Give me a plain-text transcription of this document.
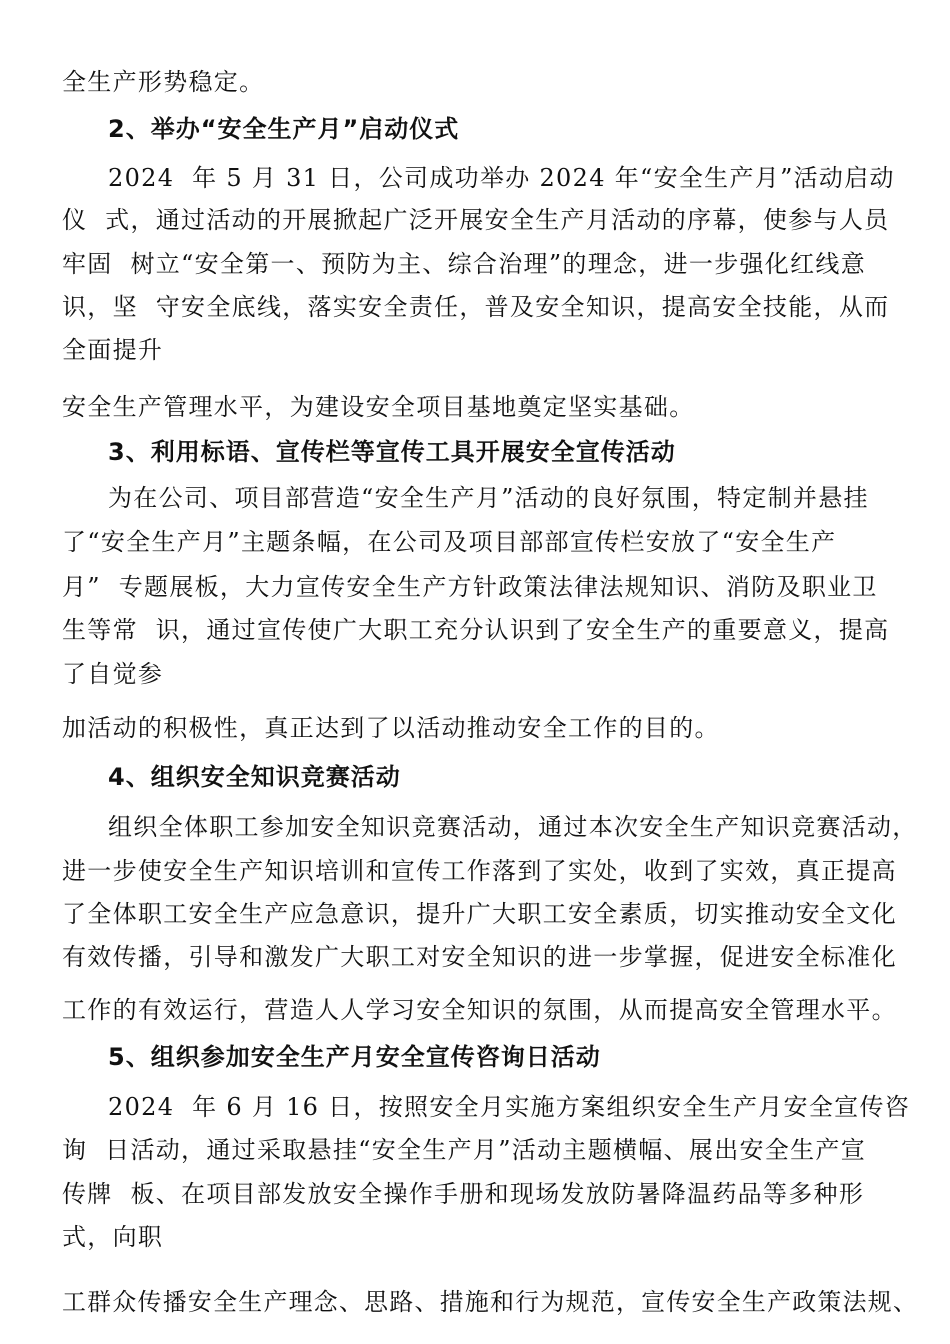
全生产形势稳定。
2、举办“安全生产月”启动仪式
2024  年 5 月 31 日，公司成功举办 2024 年“安全生产月”活动启动
仪  式，通过活动的开展掀起广泛开展安全生产月活动的序幕，使参与人员
牢固  树立“安全第一、预防为主、综合治理”的理念，进一步强化红线意
识，坚  守安全底线，落实安全责任，普及安全知识，提高安全技能，从而
全面提升
安全生产管理水平，为建设安全项目基地奠定坚实基础。
3、利用标语、宣传栏等宣传工具开展安全宣传活动
为在公司、项目部营造“安全生产月”活动的良好氛围，特定制并悬挂
了“安全生产月”主题条幅，在公司及项目部部宣传栏安放了“安全生产
月”  专题展板，大力宣传安全生产方针政策法律法规知识、消防及职业卫
生等常  识，通过宣传使广大职工充分认识到了安全生产的重要意义，提高
了自觉参
加活动的积极性，真正达到了以活动推动安全工作的目的。
4、组织安全知识竞赛活动
组织全体职工参加安全知识竞赛活动，通过本次安全生产知识竞赛活动，
进一步使安全生产知识培训和宣传工作落到了实处，收到了实效，真正提高
了全体职工安全生产应急意识，提升广大职工安全素质，切实推动安全文化
有效传播，引导和激发广大职工对安全知识的进一步掌握，促进安全标准化
工作的有效运行，营造人人学习安全知识的氛围，从而提高安全管理水平。
5、组织参加安全生产月安全宣传咨询日活动
2024  年 6 月 16 日，按照安全月实施方案组织安全生产月安全宣传咨
询  日活动，通过采取悬挂“安全生产月”活动主题横幅、展出安全生产宣
传牌  板、在项目部发放安全操作手册和现场发放防暑降温药品等多种形
式，向职
工群众传播安全生产理念、思路、措施和行为规范，宣传安全生产政策法规、
